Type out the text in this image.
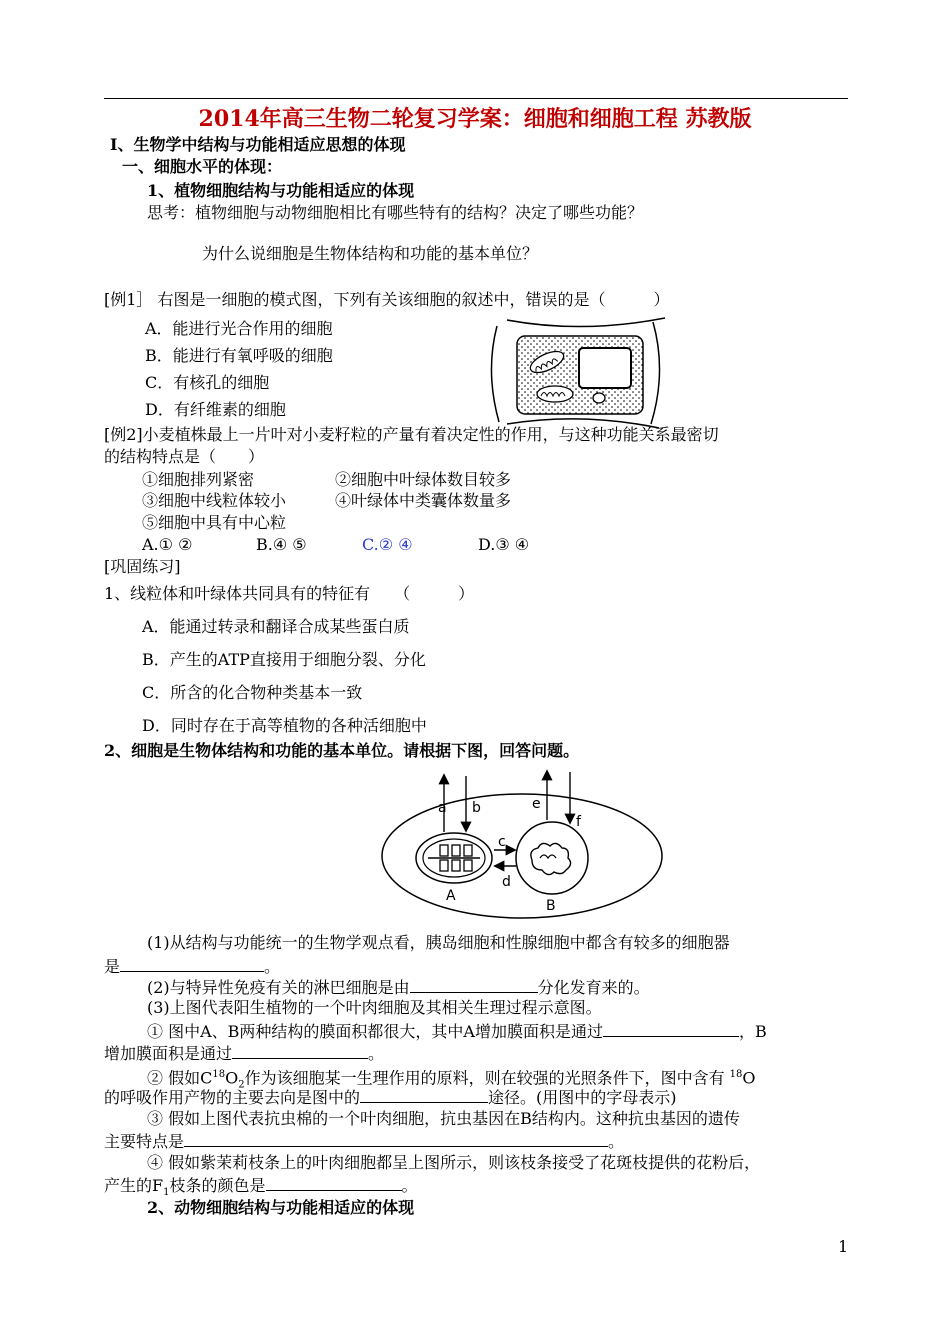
2014年高三生物二轮复习学案：细胞和细胞工程 苏教版
Ⅰ、生物学中结构与功能相适应思想的体现
一、细胞水平的体现：
1、植物细胞结构与功能相适应的体现
思考：植物细胞与动物细胞相比有哪些特有的结构？决定了哪些功能？
为什么说细胞是生物体结构和功能的基本单位？
[例1］ 右图是一细胞的模式图，下列有关该细胞的叙述中，错误的是（　　　）
A．能进行光合作用的细胞
B．能进行有氧呼吸的细胞
C．有核孔的细胞
D．有纤维素的细胞
[例2]小麦植株最上一片叶对小麦籽粒的产量有着决定性的作用，与这种功能关系最密切
的结构特点是（　　）
①细胞排列紧密	②细胞中叶绿体数目较多
③细胞中线粒体较小	④叶绿体中类囊体数量多
⑤细胞中具有中心粒
A.① ②	B.④ ⑤	C.② ④	D.③ ④
[巩固练习]
1、线粒体和叶绿体共同具有的特征有　　（　　　）
A．能通过转录和翻译合成某些蛋白质
B．产生的ATP直接用于细胞分裂、分化
C．所含的化合物种类基本一致
D．同时存在于高等植物的各种活细胞中
2、细胞是生物体结构和功能的基本单位。请根据下图，回答问题。
a b
c
d
e
f
A
B
(1)从结构与功能统一的生物学观点看，胰岛细胞和性腺细胞中都含有较多的细胞器
是	。
(2)与特异性免疫有关的淋巴细胞是由	分化发育来的。
(3)上图代表阳生植物的一个叶肉细胞及其相关生理过程示意图。
① 图中A、B两种结构的膜面积都很大，其中A增加膜面积是通过	，B
增加膜面积是通过	。
② 假如$C^{18}O_2$作为该细胞某一生理作用的原料，则在较强的光照条件下，图中含有 $^{18}$O
的呼吸作用产物的主要去向是图中的	途径。(用图中的字母表示)
③ 假如上图代表抗虫棉的一个叶肉细胞，抗虫基因在B结构内。这种抗虫基因的遗传
主要特点是	。
④ 假如紫茉莉枝条上的叶肉细胞都呈上图所示，则该枝条接受了花斑枝提供的花粉后，
产生的$F_1$枝条的颜色是	。
2、动物细胞结构与功能相适应的体现
1
